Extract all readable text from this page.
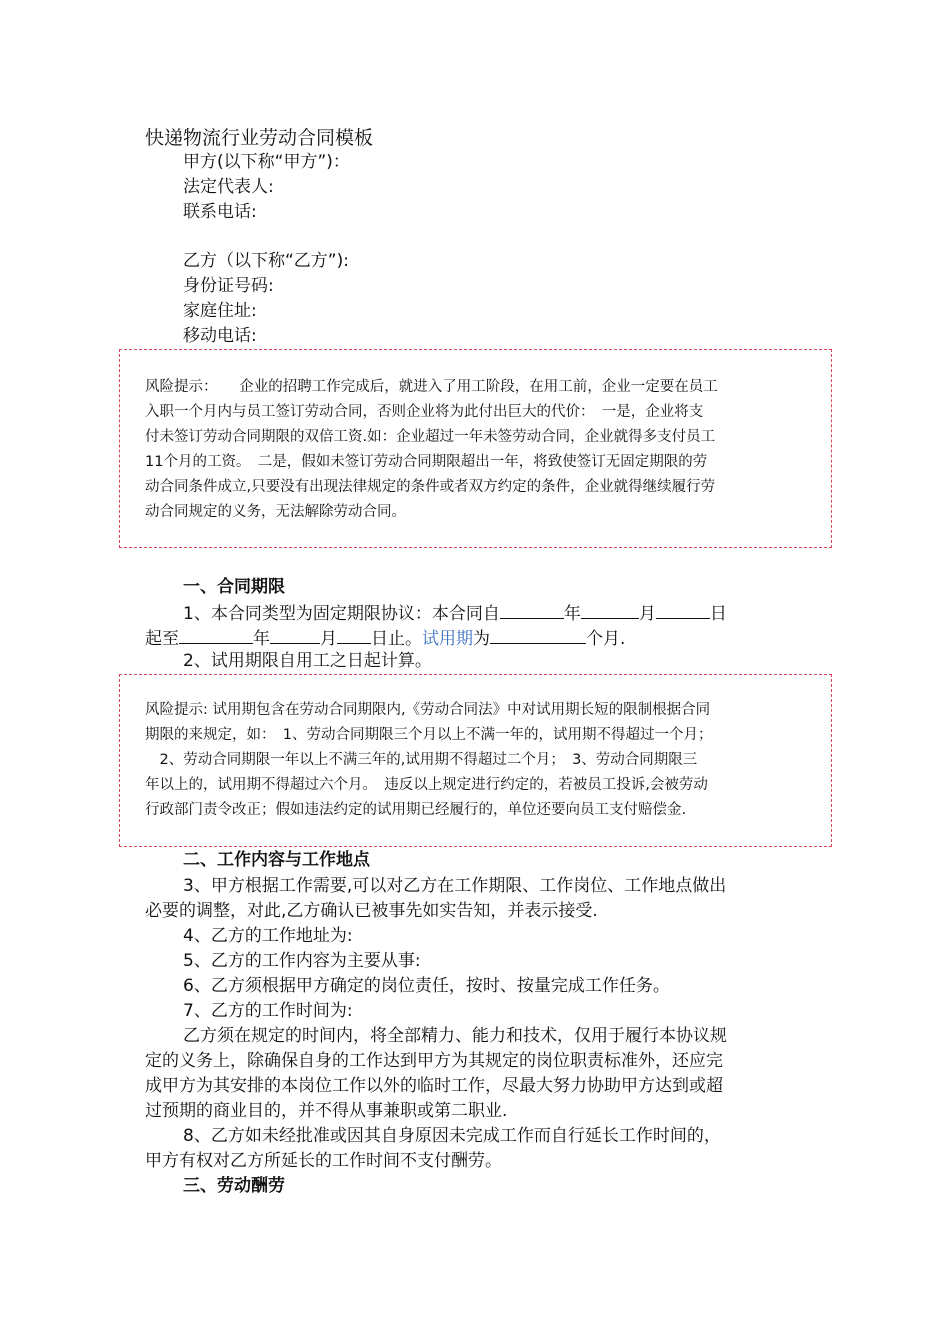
快递物流行业劳动合同模板
甲方(以下称“甲方”)：
法定代表人:
联系电话:
乙方（以下称“乙方”):
身份证号码:
家庭住址:
移动电话:
风险提示：　　企业的招聘工作完成后，就进入了用工阶段，在用工前，企业一定要在员工
入职一个月内与员工签订劳动合同，否则企业将为此付出巨大的代价：　一是，企业将支
付未签订劳动合同期限的双倍工资.如：企业超过一年未签劳动合同，企业就得多支付员工
11个月的工资。　二是，假如未签订劳动合同期限超出一年，将致使签订无固定期限的劳
动合同条件成立,只要没有出现法律规定的条件或者双方约定的条件，企业就得继续履行劳
动合同规定的义务，无法解除劳动合同。
一、合同期限
1、本合同类型为固定期限协议：本合同自	年	月	日
起至	年	月 日止。试用期为	个月.
2、试用期限自用工之日起计算。
风险提示: 试用期包含在劳动合同期限内,《劳动合同法》中对试用期长短的限制根据合同
期限的来规定，如：　1、劳动合同期限三个月以上不满一年的，试用期不得超过一个月；
　2、劳动合同期限一年以上不满三年的,试用期不得超过二个月；　3、劳动合同期限三
年以上的，试用期不得超过六个月。　违反以上规定进行约定的，若被员工投诉,会被劳动
行政部门责令改正；假如违法约定的试用期已经履行的，单位还要向员工支付赔偿金.
二、工作内容与工作地点
3、甲方根据工作需要,可以对乙方在工作期限、工作岗位、工作地点做出
必要的调整，对此,乙方确认已被事先如实告知，并表示接受.
4、乙方的工作地址为:
5、乙方的工作内容为主要从事:
6、乙方须根据甲方确定的岗位责任，按时、按量完成工作任务。
7、乙方的工作时间为:
乙方须在规定的时间内，将全部精力、能力和技术，仅用于履行本协议规
定的义务上，除确保自身的工作达到甲方为其规定的岗位职责标准外，还应完
成甲方为其安排的本岗位工作以外的临时工作，尽最大努力协助甲方达到或超
过预期的商业目的，并不得从事兼职或第二职业.
8、乙方如未经批准或因其自身原因未完成工作而自行延长工作时间的，
甲方有权对乙方所延长的工作时间不支付酬劳。
三、劳动酬劳
